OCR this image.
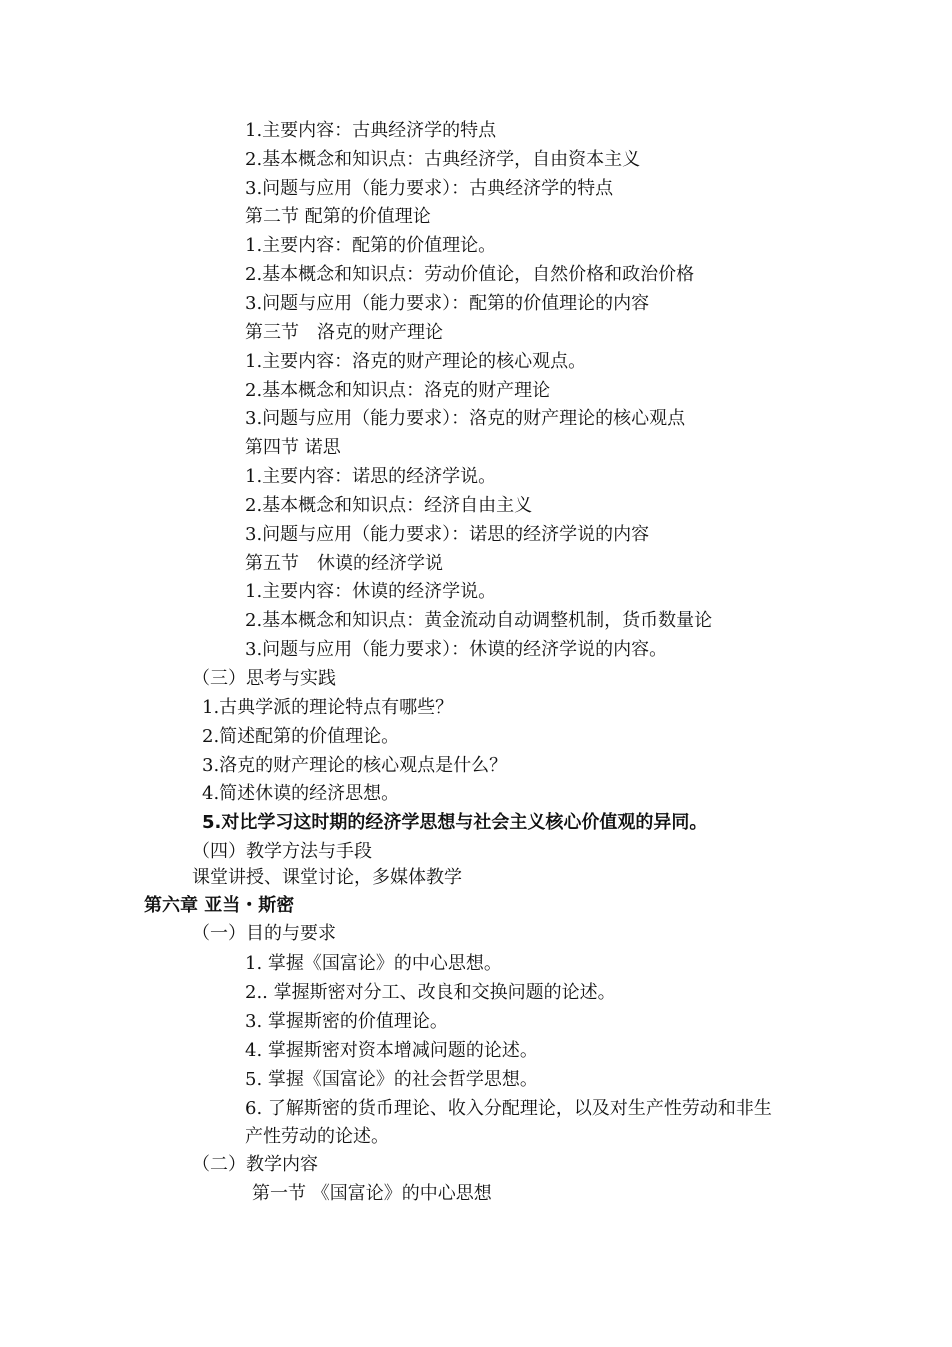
1.主要内容：古典经济学的特点
2.基本概念和知识点：古典经济学，自由资本主义
3.问题与应用（能力要求）：古典经济学的特点
第二节 配第的价值理论
1.主要内容：配第的价值理论。
2.基本概念和知识点：劳动价值论，自然价格和政治价格
3.问题与应用（能力要求）：配第的价值理论的内容
第三节　洛克的财产理论
1.主要内容：洛克的财产理论的核心观点。
2.基本概念和知识点：洛克的财产理论
3.问题与应用（能力要求）：洛克的财产理论的核心观点
第四节 诺思
1.主要内容：诺思的经济学说。
2.基本概念和知识点：经济自由主义
3.问题与应用（能力要求）：诺思的经济学说的内容
第五节　休谟的经济学说
1.主要内容：休谟的经济学说。
2.基本概念和知识点：黄金流动自动调整机制，货币数量论
3.问题与应用（能力要求）：休谟的经济学说的内容。
（三）思考与实践
1.古典学派的理论特点有哪些？
2.简述配第的价值理论。
3.洛克的财产理论的核心观点是什么？
4.简述休谟的经济思想。
5.对比学习这时期的经济学思想与社会主义核心价值观的异同。
（四）教学方法与手段
课堂讲授、课堂讨论，多媒体教学
第六章 亚当・斯密
（一）目的与要求
1. 掌握《国富论》的中心思想。
2.. 掌握斯密对分工、改良和交换问题的论述。
3. 掌握斯密的价值理论。
4. 掌握斯密对资本增减问题的论述。
5. 掌握《国富论》的社会哲学思想。
6. 了解斯密的货币理论、收入分配理论，以及对生产性劳动和非生
产性劳动的论述。
（二）教学内容
第一节 《国富论》的中心思想
